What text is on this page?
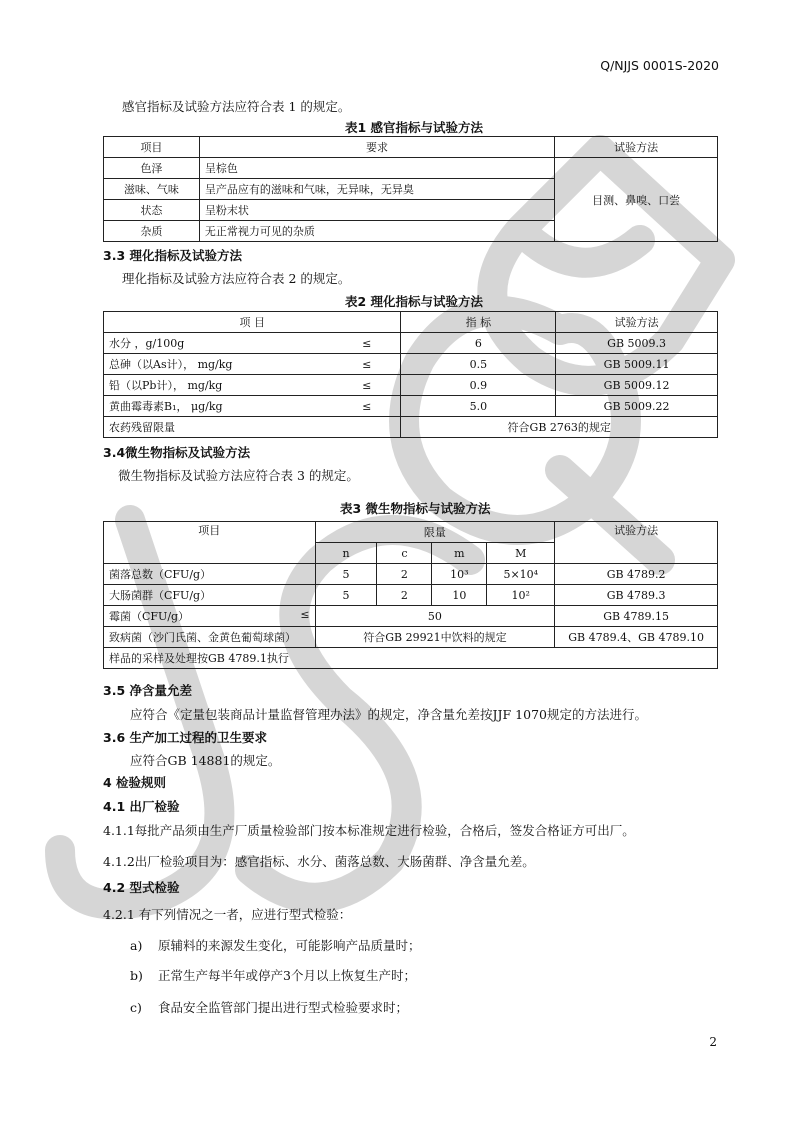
Q/NJJS 0001S-2020
感官指标及试验方法应符合表 1 的规定。
表1 感官指标与试验方法
项目	要求	试验方法
色泽	呈棕色	目测、鼻嗅、口尝
滋味、气味	呈产品应有的滋味和气味，无异味，无异臭	
状态	呈粉末状	
杂质	无正常视力可见的杂质	
3.3 理化指标及试验方法
理化指标及试验方法应符合表 2 的规定。
表2 理化指标与试验方法
项 目		指 标	试验方法
水分 ，g/100g	≤	6	GB 5009.3
总砷（以As计）， mg/kg	≤	0.5	GB 5009.11
铅（以Pb计）， mg/kg	≤	0.9	GB 5009.12
黄曲霉毒素B₁， μg/kg	≤	5.0	GB 5009.22
农药残留限量		符合GB 2763的规定	
3.4微生物指标及试验方法
微生物指标及试验方法应符合表 3 的规定。
表3 微生物指标与试验方法
项目	限量				试验方法
	n	c	m	M	
菌落总数（CFU/g）	5	2	10³	5×10⁴	GB 4789.2
大肠菌群（CFU/g）	5	2	10	10²	GB 4789.3
霉菌（CFU/g） ≤	50				GB 4789.15
致病菌（沙门氏菌、金黄色葡萄球菌）	符合GB 29921中饮料的规定				GB 4789.4、GB 4789.10
样品的采样及处理按GB 4789.1执行					
3.5 净含量允差
应符合《定量包装商品计量监督管理办法》的规定，净含量允差按JJF 1070规定的方法进行。
3.6 生产加工过程的卫生要求
应符合GB 14881的规定。
4 检验规则
4.1 出厂检验
4.1.1每批产品须由生产厂质量检验部门按本标准规定进行检验，合格后，签发合格证方可出厂。
4.1.2出厂检验项目为：感官指标、水分、菌落总数、大肠菌群、净含量允差。
4.2 型式检验
4.2.1 有下列情况之一者，应进行型式检验：
a) 原辅料的来源发生变化，可能影响产品质量时；
b) 正常生产每半年或停产3个月以上恢复生产时；
c) 食品安全监管部门提出进行型式检验要求时；
2
